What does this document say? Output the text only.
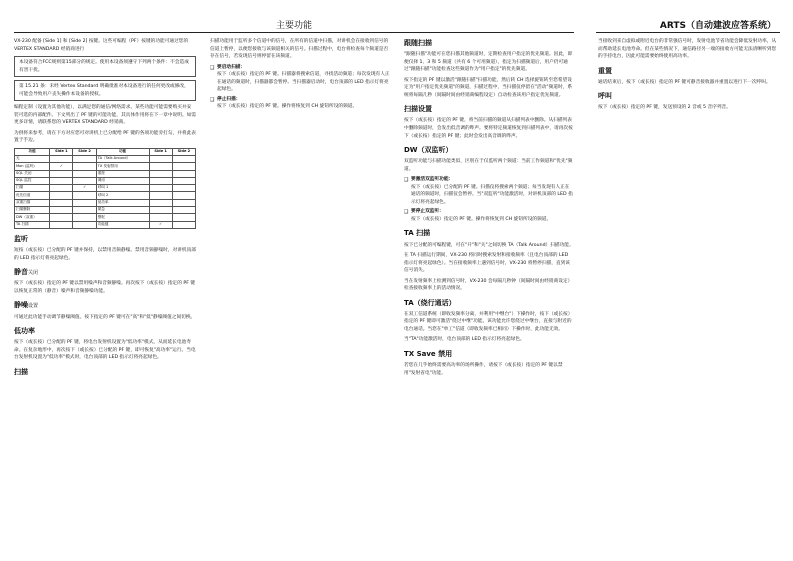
主要功能	ARTS（自动建波应答系统）

VX-230 配备 [Side 1] 和 [Side 2] 按键。这些可编程（PF）按键的功能可通过您的 VERTEX STANDARD 经销商进行

本设备符合FCC规则第15部分的规定。使用本设备须遵守下列两个条件：不会造成有害干扰。
第 15.21 条：未经 Vertex Standard 明确批准对本设备进行的任何更改或修改，可能会导致用户丧失操作本设备的授权。

编程定制（设置为其他功能），以满足您的通信/网络需求。某些功能可能需要购买并安装可选的内部配件。下文列出了 PF 键的可能功能，其具体作用将在下一章中说明。如需更多详情，请联系您的 VERTEX STANDARD 经销商。

为供将来参考，请在下方对应您可对讲机上已分配给 PF 键的各项功能旁打勾，并将此表置于手边。

功能	Side 1	Side 2	功能	Side 1	Side 2
无			TA（Talk Around）		
Mon (监听)	✓		TX 发射禁用		
SQL 关闭			重拨		
SQL 监控			调用		
扫描		✓	呼叫 1		
优先信道			呼叫 2		
双重扫描			低功率		
扫描删除			紧急		
DW（双重）			警报		
TA 扫描			功能键	✓	
监听

短按（或长按）已分配的 PF 键并保持，以禁用音频静噪。禁用音频静噪时，对讲机顶部的 LED 指示灯将亮起绿色。

静音关闭

按下（或长按）指定的 PF 键以禁用噪声和音频静噪。再次按下（或长按）指定的 PF 键以恢复正常的（静音）噪声和音频静噪功能。

静噪设置

可通过此功能手动调节静噪阈值。按下指定的 PF 键可在"高"和"低"静噪阈值之间切换。

低功率

按下（或长按）已分配的 PF 键，将电台发射机设置为"低功率"模式，从而延长电池寿命。在复杂地形中，再次按下（或长按）已分配的 PF 键，即可恢复"高功率"运行。当电台发射机设置为"低功率"模式时，电台顶部的 LED 指示灯将亮起绿色。

扫描

扫描功能用于监听多个信道中的信号，在所有的信道中扫描，对讲机会在接收到信号的信道上暂停，以便您接收与该频道相关的信号。扫描过程中，电台将检查每个频道是否存在信号，若发现信号则停留在该频道。

❑ 要启动扫描：
按下（或长按）指定的 PF 键。扫描器将搜索信道，寻找活动频道；每次发现有人正在通话的频道时，扫描器都会暂停。当扫描器启动时，电台顶部的 LED 指示灯将亮起绿色。
❑ 停止扫描：
按下（或长按）指定的 PF 键。操作将恢复到 CH 旋钮所设的频道。
跟随扫描

"跟随扫描"功能可在您扫描其他频道时，定期检查用户指定的优先频道。因此，即便仅择 1、3 和 5 频道（共有 6 个可用频道），指定为扫描频道后，用户仍可通过"跟随扫描"功能检查这些频道作为"用户指定"的优先频道。

按下指定的 PF 键以激活"跟随扫描"扫描功能，然后转 CH 选择旋钮转至您希望设定为"用户指定优先频道"的频道，扫描过程中，当扫描仪停留在"活动"频道时，系统将每隔几秒（间隔时间由经销商编程设定）自动检查该用户指定优先频道。

扫描设置

按下（或长按）指定的 PF 键，将当前扫描的频道从扫描列表中删除。从扫描列表中删除频道时，会发出低音调的哔声。要将特定频道恢复到扫描列表中，请再次按下（或长按）指定的 PF 键；此时会发出高音调的哔声。

DW（双监听）

双监听功能与扫描功能类似，区别在于仅监听两个频道：当前工作频道和"优先"频道。

❑ 要激活双监听功能：
按下（或长按）已分配的 PF 键。扫描仪将搜索两个频道；每当发现有人正在通话的频道时，扫描仪会暂停。当"双监听"功能激活时，对讲机顶部的 LED 指示灯将亮起绿色。
❑ 要停止双监听：
按下（或长按）指定的 PF 键。操作将恢复到 CH 旋钮所设的频道。
TA 扫描

按下已分配的可编程键，可在"开"和"关"之间切换 TA（Talk Around）扫描功能。

在 TA 扫描运行期间，VX-230 将同时搜索发射和接收频率（且电台顶部的 LED 指示灯将亮起绿色）。当在接收频率上遇到信号时，VX-230 将暂停扫描，直到该信号消失。

当在发射频率上检测到信号时，VX-230 会每隔几秒钟（间隔时间由经销商设定）检查接收频率上的活动情况。

TA（绕行通话）

在双工信道系统（即收发频率分离，并利用"中继台"）下操作时，按下（或长按）指定的 PF 键即可激活"绕过中继"功能。该功能允许您绕过中继台，直接与附近的电台通话。当您在"单工"信道（即收发频率已相同）下操作时，此功能无效。

当"TA"功能激活时，电台顶部的 LED 指示灯将亮起绿色。

TX Save 禁用

若您在几乎始终需要高功率的场所操作，请按下（或长按）指定的 PF 键以禁用"发射省电"功能。

当接收到来自虚拟或附近电台的非常强信号时，发射电池节省功能会降低发射功率，从而帮助延长电池寿命。但在某些情况下，通信路径另一端的接收方可能无法清晰听到您的手持电台，因此可能需要始终使用高功率。

重置

通话结束后，按下（或长按）指定的 PF 键可静音接收器并重置以进行下一次呼叫。

呼叫

按下（或长按）指定的 PF 键，发送预设的 2 音或 5 音序列音。
